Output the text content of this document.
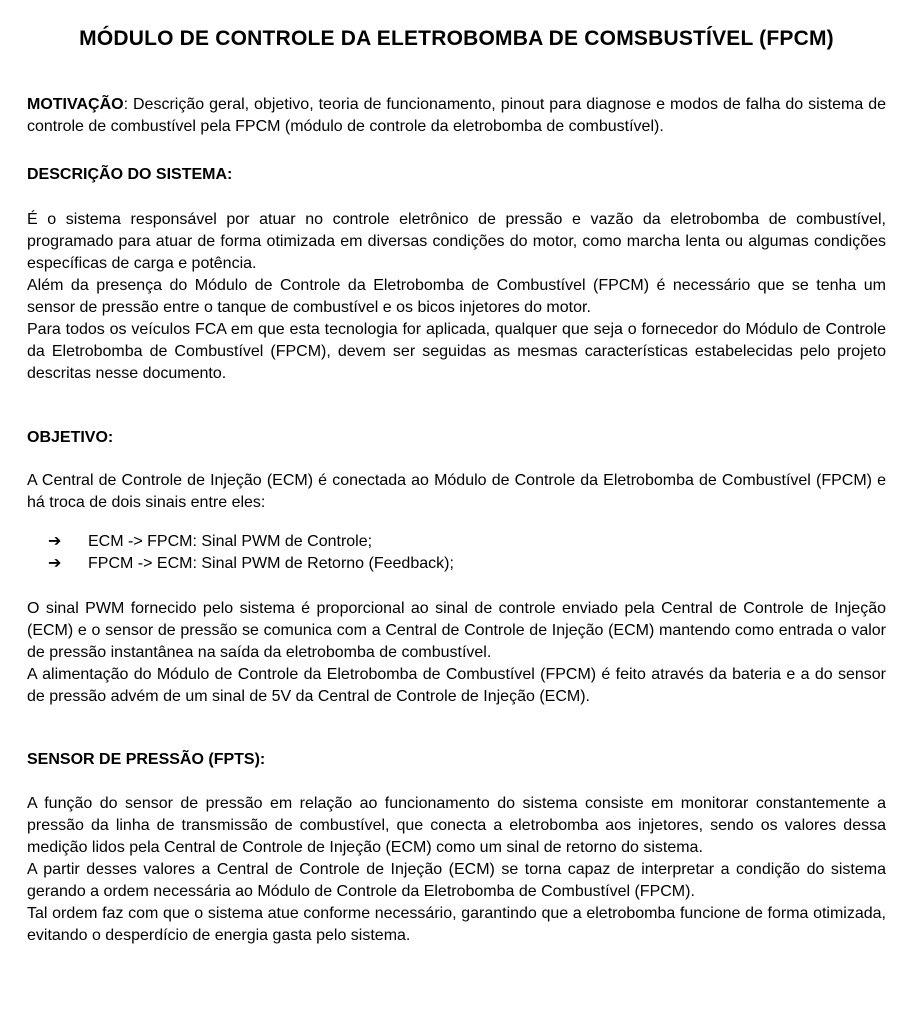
MÓDULO DE CONTROLE DA ELETROBOMBA DE COMSBUSTÍVEL (FPCM)

MOTIVAÇÃO: Descrição geral, objetivo, teoria de funcionamento, pinout para diagnose e modos de falha do sistema de controle de combustível pela FPCM (módulo de controle da eletrobomba de combustível).

DESCRIÇÃO DO SISTEMA:

É o sistema responsável por atuar no controle eletrônico de pressão e vazão da eletrobomba de combustível, programado para atuar de forma otimizada em diversas condições do motor, como marcha lenta ou algumas condições específicas de carga e potência.

Além da presença do Módulo de Controle da Eletrobomba de Combustível (FPCM) é necessário que se tenha um sensor de pressão entre o tanque de combustível e os bicos injetores do motor.

Para todos os veículos FCA em que esta tecnologia for aplicada, qualquer que seja o fornecedor do Módulo de Controle da Eletrobomba de Combustível (FPCM), devem ser seguidas as mesmas características estabelecidas pelo projeto descritas nesse documento.

OBJETIVO:

A Central de Controle de Injeção (ECM) é conectada ao Módulo de Controle da Eletrobomba de Combustível (FPCM) e há troca de dois sinais entre eles:

➔	ECM -> FPCM: Sinal PWM de Controle;
➔	FPCM -> ECM: Sinal PWM de Retorno (Feedback);

O sinal PWM fornecido pelo sistema é proporcional ao sinal de controle enviado pela Central de Controle de Injeção (ECM) e o sensor de pressão se comunica com a Central de Controle de Injeção (ECM) mantendo como entrada o valor de pressão instantânea na saída da eletrobomba de combustível.

A alimentação do Módulo de Controle da Eletrobomba de Combustível (FPCM) é feito através da bateria e a do sensor de pressão advém de um sinal de 5V da Central de Controle de Injeção (ECM).

SENSOR DE PRESSÃO (FPTS):

A função do sensor de pressão em relação ao funcionamento do sistema consiste em monitorar constantemente a pressão da linha de transmissão de combustível, que conecta a eletrobomba aos injetores, sendo os valores dessa medição lidos pela Central de Controle de Injeção (ECM) como um sinal de retorno do sistema.

A partir desses valores a Central de Controle de Injeção (ECM) se torna capaz de interpretar a condição do sistema gerando a ordem necessária ao Módulo de Controle da Eletrobomba de Combustível (FPCM).

Tal ordem faz com que o sistema atue conforme necessário, garantindo que a eletrobomba funcione de forma otimizada, evitando o desperdício de energia gasta pelo sistema.
